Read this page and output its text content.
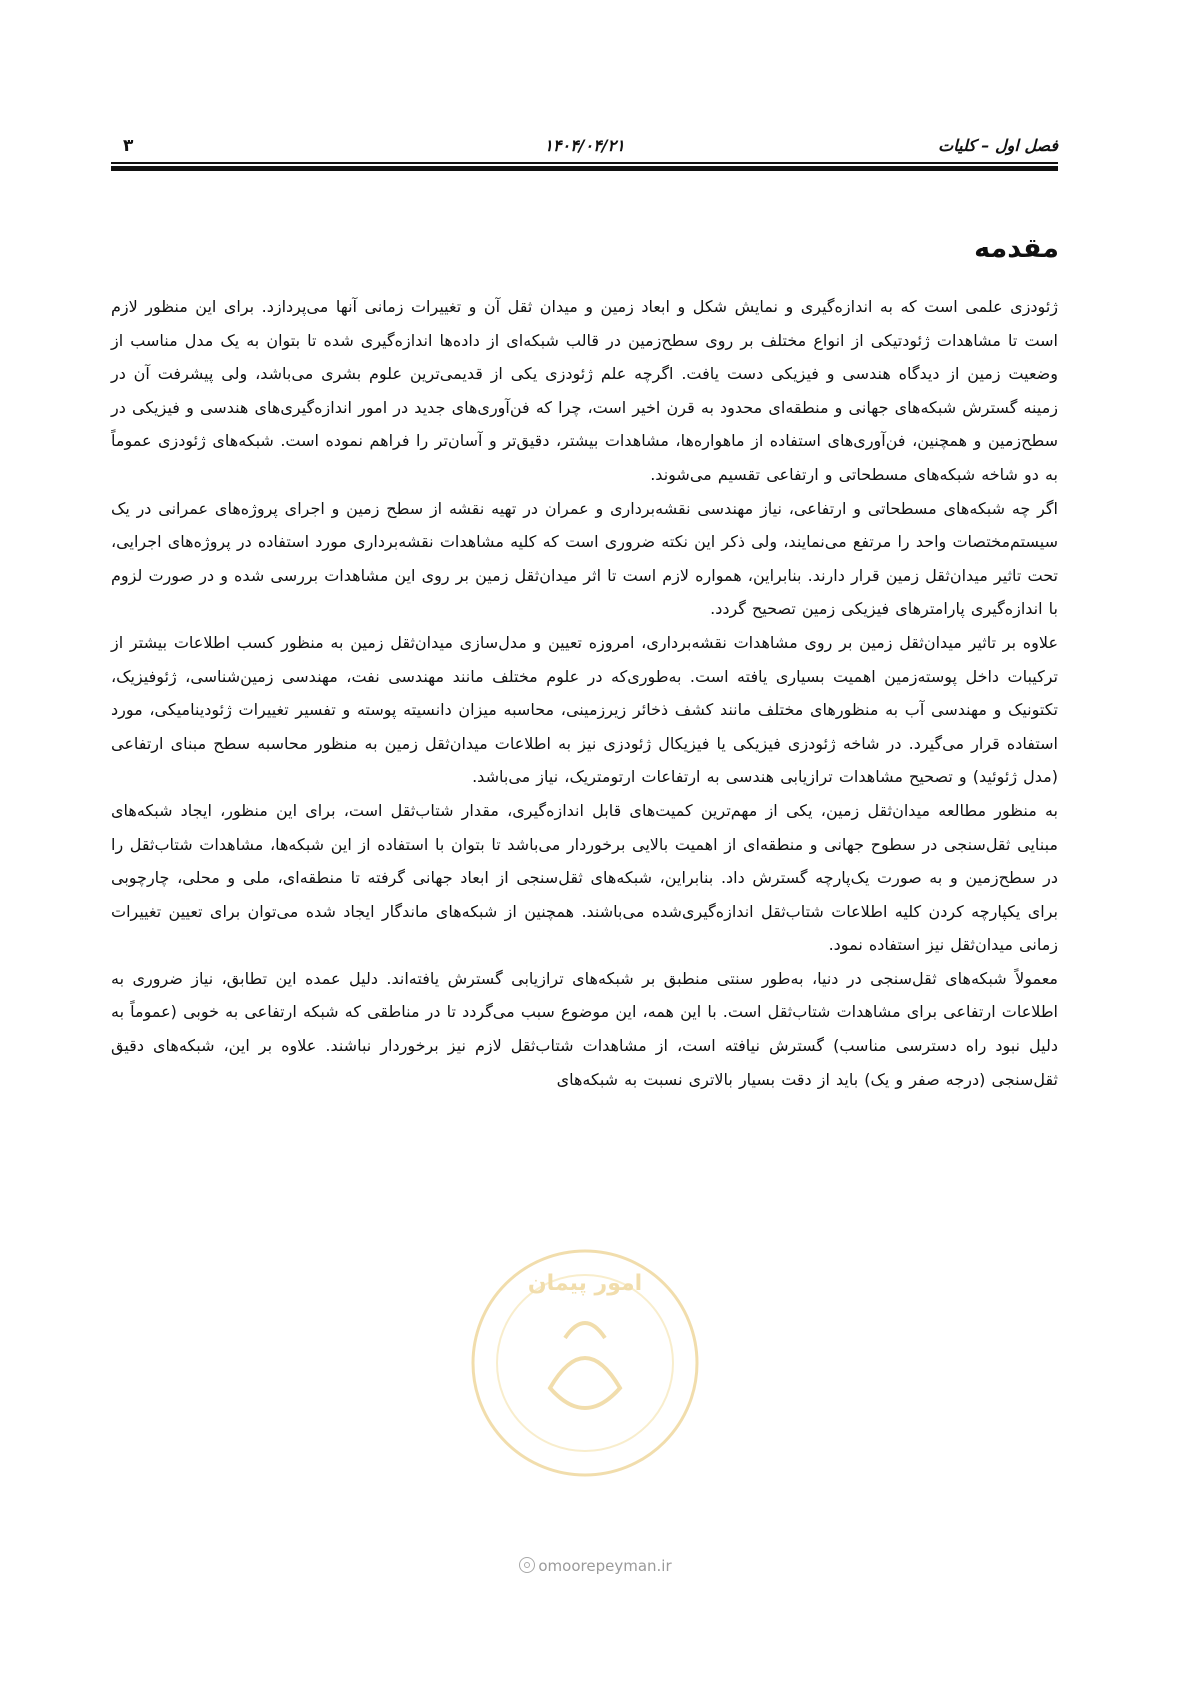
فصل اول – کلیات
۱۴۰۴/۰۴/۲۱
۳
مقدمه

ژئودزی علمی است که به اندازه‌گیری و نمایش شکل و ابعاد زمین و میدان ثقل آن و تغییرات زمانی آنها می‌پردازد. برای این منظور لازم است تا مشاهدات ژئودتیکی از انواع مختلف بر روی سطح‌زمین در قالب شبکه‌ای از داده‌ها اندازه‌گیری شده تا بتوان به یک مدل مناسب از وضعیت زمین از دیدگاه هندسی و فیزیکی دست یافت. اگرچه علم ژئودزی یکی از قدیمی‌ترین علوم بشری می‌باشد، ولی پیشرفت آن در زمینه گسترش شبکه‌های جهانی و منطقه‌ای محدود به قرن اخیر است، چرا که فن‌آوری‌های جدید در امور اندازه‌گیری‌های هندسی و فیزیکی در سطح‌زمین و همچنین، فن‌آوری‌های استفاده از ماهواره‌ها، مشاهدات بیشتر، دقیق‌تر و آسان‌تر را فراهم نموده است. شبکه‌های ژئودزی عموماً به دو شاخه شبکه‌های مسطحاتی و ارتفاعی تقسیم می‌شوند.

اگر چه شبکه‌های مسطحاتی و ارتفاعی، نیاز مهندسی نقشه‌برداری و عمران در تهیه نقشه از سطح زمین و اجرای پروژه‌های عمرانی در یک سیستم‌مختصات واحد را مرتفع می‌نمایند، ولی ذکر این نکته ضروری است که کلیه مشاهدات نقشه‌برداری مورد استفاده در پروژه‌های اجرایی، تحت تاثیر میدان‌ثقل زمین قرار دارند. بنابراین، همواره لازم است تا اثر میدان‌ثقل زمین بر روی این مشاهدات بررسی شده و در صورت لزوم با اندازه‌گیری پارامترهای فیزیکی زمین تصحیح گردد.

علاوه بر تاثیر میدان‌ثقل زمین بر روی مشاهدات نقشه‌برداری، امروزه تعیین و مدل‌سازی میدان‌ثقل زمین به منظور کسب اطلاعات بیشتر از ترکیبات داخل پوسته‌زمین اهمیت بسیاری یافته است. به‌طوری‌که در علوم مختلف مانند مهندسی نفت، مهندسی زمین‌شناسی، ژئوفیزیک، تکتونیک و مهندسی آب به منظورهای مختلف مانند کشف ذخائر زیرزمینی، محاسبه میزان دانسیته پوسته و تفسیر تغییرات ژئودینامیکی، مورد استفاده قرار می‌گیرد. در شاخه ژئودزی فیزیکی یا فیزیکال ژئودزی نیز به اطلاعات میدان‌ثقل زمین به منظور محاسبه سطح مبنای ارتفاعی (مدل ژئوئید) و تصحیح مشاهدات ترازیابی هندسی به ارتفاعات ارتومتریک، نیاز می‌باشد.

به منظور مطالعه میدان‌ثقل زمین، یکی از مهم‌ترین کمیت‌های قابل اندازه‌گیری، مقدار شتاب‌ثقل است، برای این منظور، ایجاد شبکه‌های مبنایی ثقل‌سنجی در سطوح جهانی و منطقه‌ای از اهمیت بالایی برخوردار می‌باشد تا بتوان با استفاده از این شبکه‌ها، مشاهدات شتاب‌ثقل را در سطح‌زمین و به صورت یک‌پارچه گسترش داد. بنابراین، شبکه‌های ثقل‌سنجی از ابعاد جهانی گرفته تا منطقه‌ای، ملی و محلی، چارچوبی برای یکپارچه کردن کلیه اطلاعات شتاب‌ثقل اندازه‌گیری‌شده می‌باشند. همچنین از شبکه‌های ماندگار ایجاد شده می‌توان برای تعیین تغییرات زمانی میدان‌ثقل نیز استفاده نمود.

معمولاً شبکه‌های ثقل‌سنجی در دنیا، به‌طور سنتی منطبق بر شبکه‌های ترازیابی گسترش یافته‌اند. دلیل عمده این تطابق، نیاز ضروری به اطلاعات ارتفاعی برای مشاهدات شتاب‌ثقل است. با این همه، این موضوع سبب می‌گردد تا در مناطقی که شبکه ارتفاعی به خوبی (عموماً به دلیل نبود راه دسترسی مناسب) گسترش نیافته است، از مشاهدات شتاب‌ثقل لازم نیز برخوردار نباشند. علاوه بر این، شبکه‌های دقیق ثقل‌سنجی (درجه صفر و یک) باید از دقت بسیار بالاتری نسبت به شبکه‌های

امور پیمان
omoorepeyman.ir
